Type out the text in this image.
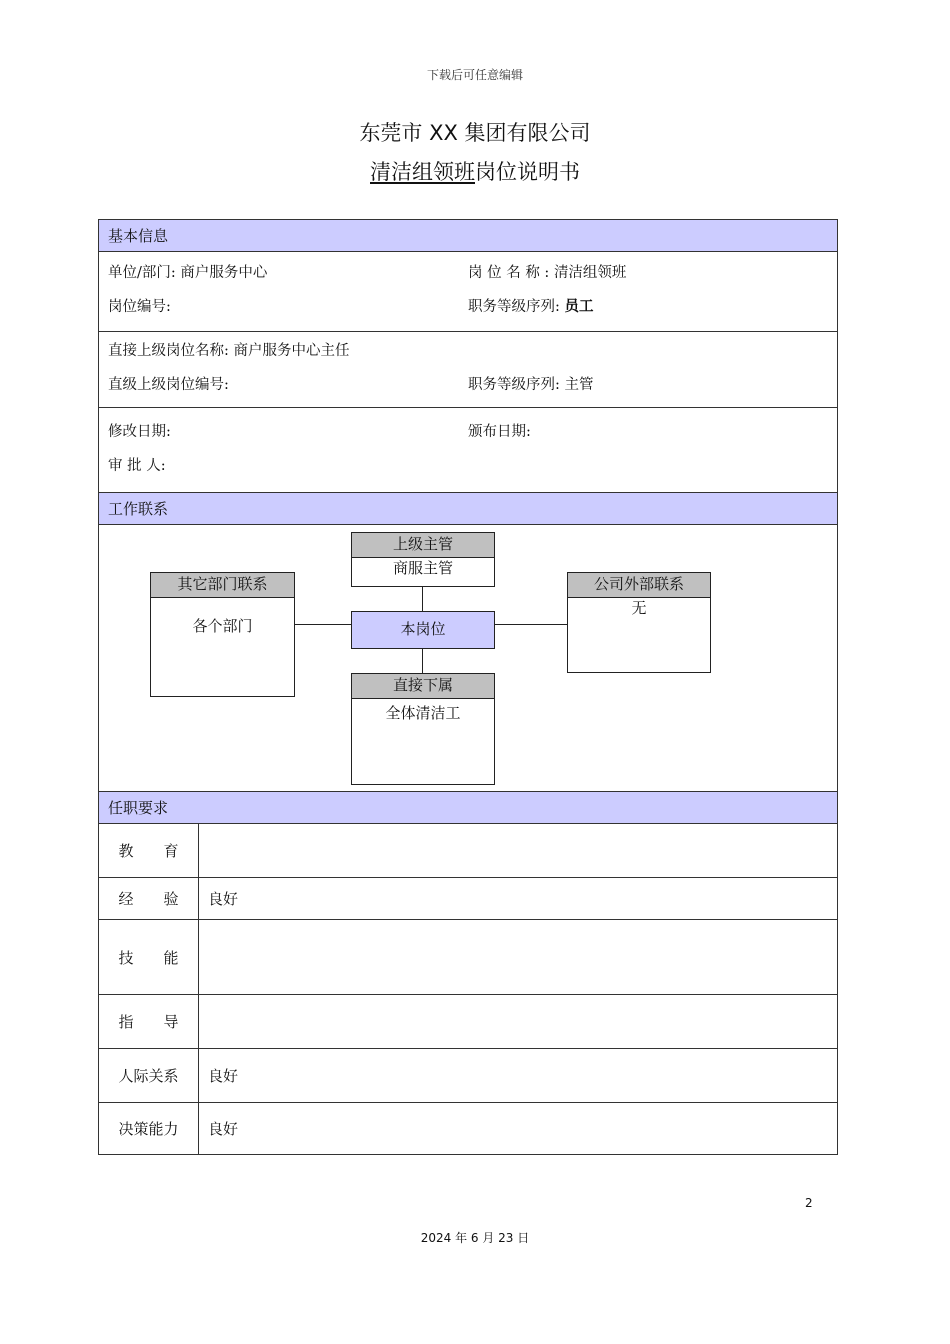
下载后可任意编辑
东莞市 XX 集团有限公司
清洁组领班岗位说明书
基本信息
单位/部门: 商户服务中心	岗 位 名 称 : 清洁组领班
岗位编号:	职务等级序列: 员工
直接上级岗位名称: 商户服务中心主任
直级上级岗位编号:	职务等级序列: 主管
修改日期:	颁布日期:
审 批 人:
工作联系
上级主管
商服主管
其它部门联系
各个部门	本岗位
公司外部联系
无
直接下属
全体清洁工
任职要求
教　　育
经　　验	良好
技　　能
指　　导
人际关系	良好
决策能力	良好
2
2024 年 6 月 23 日
